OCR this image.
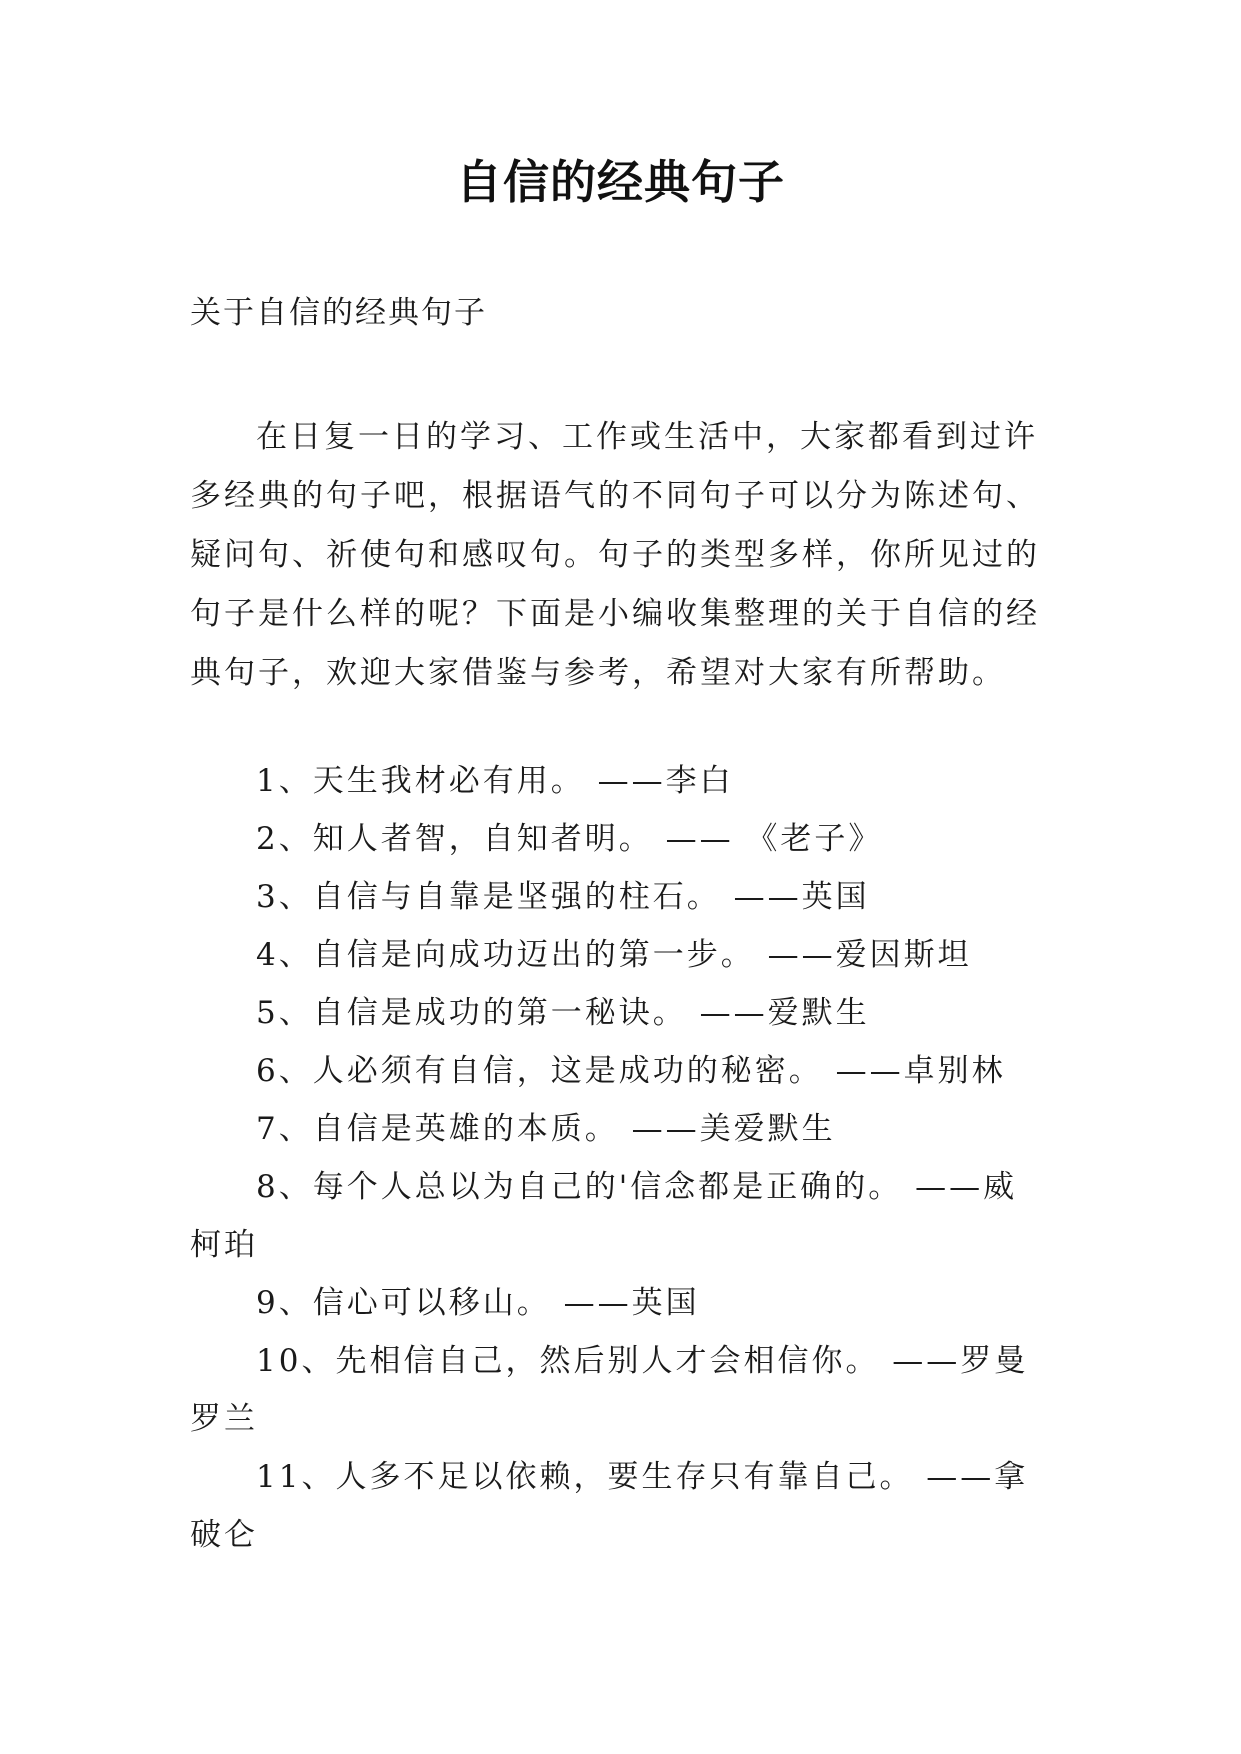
自信的经典句子
关于自信的经典句子

在日复一日的学习、工作或生活中，大家都看到过许多经典的句子吧，根据语气的不同句子可以分为陈述句、疑问句、祈使句和感叹句。句子的类型多样，你所见过的句子是什么样的呢？下面是小编收集整理的关于自信的经典句子，欢迎大家借鉴与参考，希望对大家有所帮助。

1、天生我材必有用。 ——李白
2、知人者智，自知者明。 —— 《老子》
3、自信与自靠是坚强的柱石。 ——英国
4、自信是向成功迈出的第一步。 ——爱因斯坦
5、自信是成功的第一秘诀。 ——爱默生
6、人必须有自信，这是成功的秘密。 ——卓别林
7、自信是英雄的本质。 ——美爱默生
8、每个人总以为自己的'信念都是正确的。 ——威柯珀
9、信心可以移山。 ——英国
10、先相信自己，然后别人才会相信你。 ——罗曼罗兰
11、人多不足以依赖，要生存只有靠自己。 ——拿破仑
